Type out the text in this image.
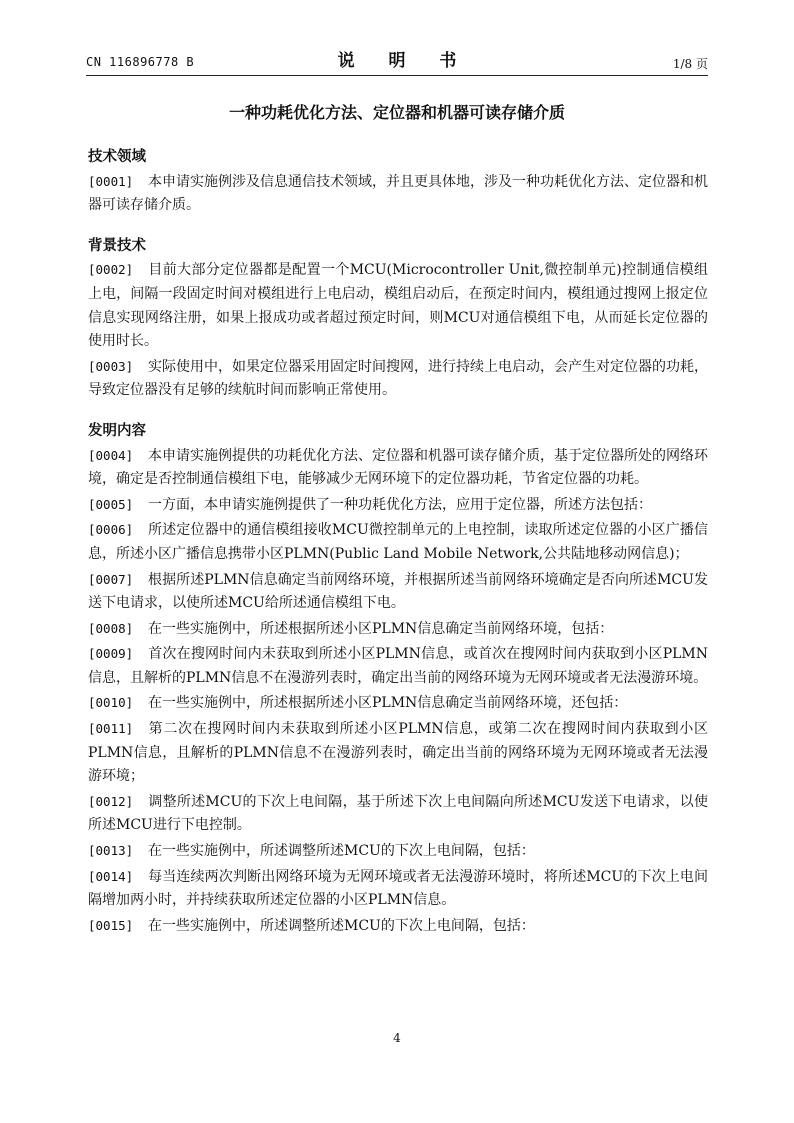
CN 116896778 B	说 明 书	1/8 页
一种功耗优化方法、定位器和机器可读存储介质
技术领域

[0001] 本申请实施例涉及信息通信技术领域，并且更具体地，涉及一种功耗优化方法、定位器和机器可读存储介质。

背景技术

[0002] 目前大部分定位器都是配置一个MCU(Microcontroller Unit,微控制单元)控制通信模组上电，间隔一段固定时间对模组进行上电启动，模组启动后，在预定时间内，模组通过搜网上报定位信息实现网络注册，如果上报成功或者超过预定时间，则MCU对通信模组下电，从而延长定位器的使用时长。

[0003] 实际使用中，如果定位器采用固定时间搜网，进行持续上电启动，会产生对定位器的功耗，导致定位器没有足够的续航时间而影响正常使用。

发明内容

[0004] 本申请实施例提供的功耗优化方法、定位器和机器可读存储介质，基于定位器所处的网络环境，确定是否控制通信模组下电，能够减少无网环境下的定位器功耗，节省定位器的功耗。

[0005] 一方面，本申请实施例提供了一种功耗优化方法，应用于定位器，所述方法包括：

[0006] 所述定位器中的通信模组接收MCU微控制单元的上电控制，读取所述定位器的小区广播信息，所述小区广播信息携带小区PLMN(Public Land Mobile Network,公共陆地移动网信息)；

[0007] 根据所述PLMN信息确定当前网络环境，并根据所述当前网络环境确定是否向所述MCU发送下电请求，以使所述MCU给所述通信模组下电。

[0008] 在一些实施例中，所述根据所述小区PLMN信息确定当前网络环境，包括：

[0009] 首次在搜网时间内未获取到所述小区PLMN信息，或首次在搜网时间内获取到小区PLMN信息，且解析的PLMN信息不在漫游列表时，确定出当前的网络环境为无网环境或者无法漫游环境。

[0010] 在一些实施例中，所述根据所述小区PLMN信息确定当前网络环境，还包括：

[0011] 第二次在搜网时间内未获取到所述小区PLMN信息，或第二次在搜网时间内获取到小区PLMN信息，且解析的PLMN信息不在漫游列表时，确定出当前的网络环境为无网环境或者无法漫游环境；

[0012] 调整所述MCU的下次上电间隔，基于所述下次上电间隔向所述MCU发送下电请求，以使所述MCU进行下电控制。

[0013] 在一些实施例中，所述调整所述MCU的下次上电间隔，包括：

[0014] 每当连续两次判断出网络环境为无网环境或者无法漫游环境时，将所述MCU的下次上电间隔增加两小时，并持续获取所述定位器的小区PLMN信息。

[0015] 在一些实施例中，所述调整所述MCU的下次上电间隔，包括：

4
